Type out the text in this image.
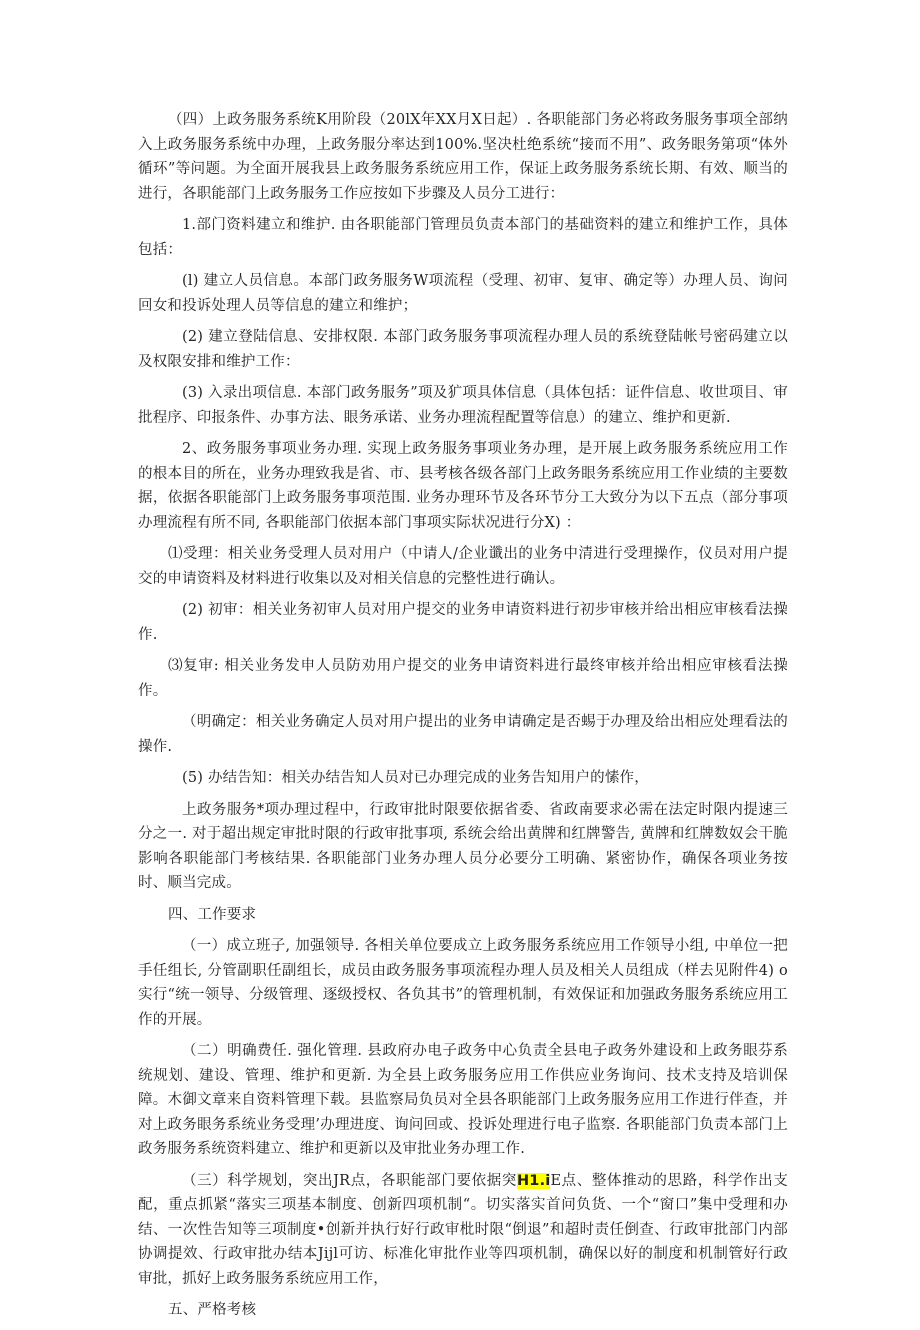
（四）上政务服务系统K用阶段（20lX年XX月X日起）. 各职能部门务必将政务服务事项全部纳入上政务服务系统中办理，上政务服分率达到100%.坚决杜绝系统“接而不用”、政务眼务第项“体外循环”等问题。为全面开展我县上政务服务系统应用工作，保证上政务服务系统长期、有效、顺当的进行，各职能部门上政务服务工作应按如下步骤及人员分工进行：

1.部门资料建立和维护. 由各职能部门管理员负责本部门的基础资料的建立和维护工作，具体包括：

(l) 建立人员信息。本部门政务服务W项流程（受理、初审、复审、确定等）办理人员、询问回女和投诉处理人员等信息的建立和维护；

(2) 建立登陆信息、安排权限. 本部门政务服务事项流程办理人员的系统登陆帐号密码建立以及权限安排和维护工作：

(3) 入录出项信息. 本部门政务服务”项及犷项具体信息（具体包括：证件信息、收世项目、审批程序、印报条件、办事方法、眼务承诺、业务办理流程配置等信息）的建立、维护和更新.

2、政务服务事项业务办理. 实现上政务服务事项业务办理，是开展上政务服务系统应用工作的根本目的所在，业务办理致我是省、市、县考核各级各部门上政务眼务系统应用工作业绩的主要数据，依据各职能部门上政务服务事项范围. 业务办理环节及各环节分工大致分为以下五点（部分事项办理流程有所不同, 各职能部门依据本部门事项实际状况进行分X) ：

⑴受理：相关业务受理人员对用户（中请人/企业谶出的业务中清进行受理操作，仪员对用户提交的申请资料及材料进行收集以及对相关信息的完整性进行确认。

(2) 初审：相关业务初审人员对用户提交的业务申请资料进行初步审核并给出相应审核看法操作.

⑶复审: 相关业务发申人员防劝用户提交的业务申请资料进行最终审核并给出相应审核看法操作。

（明确定：相关业务确定人员对用户提出的业务申请确定是否蜴于办理及给出相应处理看法的操作.

(5) 办结告知：相关办结告知人员对已办理完成的业务告知用户的愫作，

上政务服务*项办理过程中，行政审批时限要依据省委、省政南要求必需在法定时限内提速三分之一. 对于超出规定审批时限的行政审批事项, 系统会给出黄牌和红牌警告, 黄牌和红牌数奴会干脆影响各职能部门考核结果. 各职能部门业务办理人员分必要分工明确、紧密协作，确保各项业务按时、顺当完成。

四、工作要求

（一）成立班子, 加强领导. 各相关单位要成立上政务服务系统应用工作领导小组, 中单位一把手任组长, 分管副职任副组长，成员由政务服务事项流程办理人员及相关人员组成（样去见附件4) o 实行“统一领导、分级管理、逐级授权、各负其书”的管理机制，有效保证和加强政务服务系统应用工作的开展。

（二）明确费任. 强化管理. 县政府办电子政务中心负责全县电子政务外建设和上政务眼芬系统规划、建设、管理、维护和更新. 为全县上政务服务应用工作供应业务询问、技术支持及培训保障。木御文章来自资料管理下载。县监察局负员对全县各职能部门上政务服务应用工作进行伴查，并对上政务眼务系统业务受理’办理进度、询问回或、投诉处理进行电子监察. 各职能部门负责本部门上政务服务系统资料建立、维护和更新以及审批业务办理工作.

（三）科学规划，突出JR点，各职能部门要依据突H1.iE点、整体推动的思路，科学作出支配，重点抓紧“落实三项基本制度、创新四项机制“。切实落实首问负货、一个“窗口”集中受理和办结、一次性告知等三项制度•创新并执行好行政审枇时限“倒退”和超时责任倒查、行政审批部门内部协调提效、行政审批办结本Jijl可访、标准化审批作业等四项机制，确保以好的制度和机制管好行政审批，抓好上政务服务系统应用工作，

五、严格考核
